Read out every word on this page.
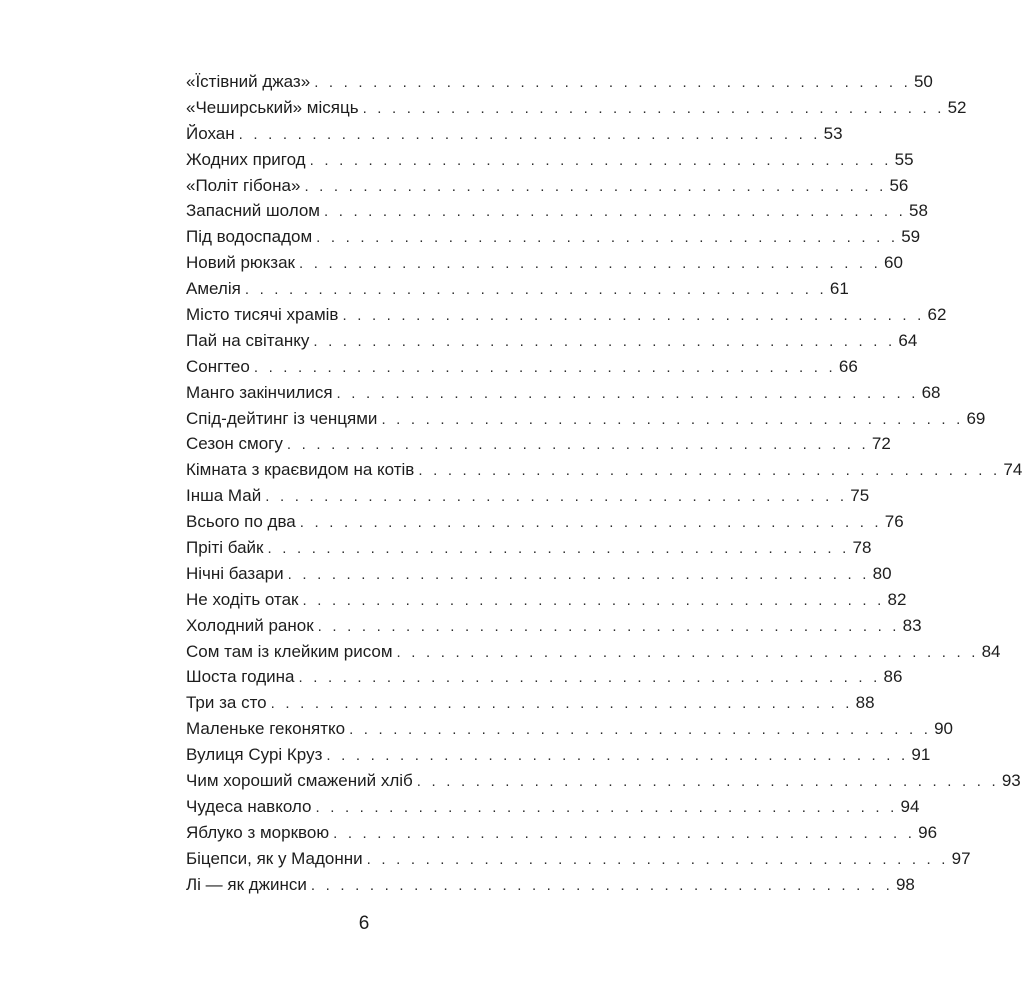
«Їстівний джаз» . . . . . . . . . . . . . . . . . . . . . . . . . . . . . . . . . . . . . . . . . 50
«Чеширський» місяць . . . . . . . . . . . . . . . . . . . . . . . . . . . . . . . . . . . . . . . . 52
Йохан . . . . . . . . . . . . . . . . . . . . . . . . . . . . . . . . . . . . . . . . 53
Жодних пригод . . . . . . . . . . . . . . . . . . . . . . . . . . . . . . . . . . . . . . . . 55
«Політ гібона» . . . . . . . . . . . . . . . . . . . . . . . . . . . . . . . . . . . . . . . . 56
Запасний шолом . . . . . . . . . . . . . . . . . . . . . . . . . . . . . . . . . . . . . . . . 58
Під водоспадом . . . . . . . . . . . . . . . . . . . . . . . . . . . . . . . . . . . . . . . . 59
Новий рюкзак . . . . . . . . . . . . . . . . . . . . . . . . . . . . . . . . . . . . . . . . 60
Амелія . . . . . . . . . . . . . . . . . . . . . . . . . . . . . . . . . . . . . . . . 61
Місто тисячі храмів . . . . . . . . . . . . . . . . . . . . . . . . . . . . . . . . . . . . . . . . 62
Пай на світанку . . . . . . . . . . . . . . . . . . . . . . . . . . . . . . . . . . . . . . . . 64
Сонгтео . . . . . . . . . . . . . . . . . . . . . . . . . . . . . . . . . . . . . . . . 66
Манго закінчилися . . . . . . . . . . . . . . . . . . . . . . . . . . . . . . . . . . . . . . . . 68
Спід-дейтинг із ченцями . . . . . . . . . . . . . . . . . . . . . . . . . . . . . . . . . . . . . . . . 69
Сезон смогу . . . . . . . . . . . . . . . . . . . . . . . . . . . . . . . . . . . . . . . . 72
Кімната з краєвидом на котів . . . . . . . . . . . . . . . . . . . . . . . . . . . . . . . . . . . . . . . . 74
Інша Май . . . . . . . . . . . . . . . . . . . . . . . . . . . . . . . . . . . . . . . . 75
Всього по два . . . . . . . . . . . . . . . . . . . . . . . . . . . . . . . . . . . . . . . . 76
Пріті байк . . . . . . . . . . . . . . . . . . . . . . . . . . . . . . . . . . . . . . . . 78
Нічні базари . . . . . . . . . . . . . . . . . . . . . . . . . . . . . . . . . . . . . . . . 80
Не ходіть отак . . . . . . . . . . . . . . . . . . . . . . . . . . . . . . . . . . . . . . . . 82
Холодний ранок . . . . . . . . . . . . . . . . . . . . . . . . . . . . . . . . . . . . . . . . 83
Сом там із клейким рисом . . . . . . . . . . . . . . . . . . . . . . . . . . . . . . . . . . . . . . . . 84
Шоста година . . . . . . . . . . . . . . . . . . . . . . . . . . . . . . . . . . . . . . . . 86
Три за сто . . . . . . . . . . . . . . . . . . . . . . . . . . . . . . . . . . . . . . . . 88
Маленьке геконятко . . . . . . . . . . . . . . . . . . . . . . . . . . . . . . . . . . . . . . . . 90
Вулиця Сурі Круз . . . . . . . . . . . . . . . . . . . . . . . . . . . . . . . . . . . . . . . . 91
Чим хороший смажений хліб . . . . . . . . . . . . . . . . . . . . . . . . . . . . . . . . . . . . . . . . 93
Чудеса навколо . . . . . . . . . . . . . . . . . . . . . . . . . . . . . . . . . . . . . . . . 94
Яблуко з морквою . . . . . . . . . . . . . . . . . . . . . . . . . . . . . . . . . . . . . . . . 96
Біцепси, як у Мадонни . . . . . . . . . . . . . . . . . . . . . . . . . . . . . . . . . . . . . . . . 97
Лі — як джинси . . . . . . . . . . . . . . . . . . . . . . . . . . . . . . . . . . . . . . . . 98
6
